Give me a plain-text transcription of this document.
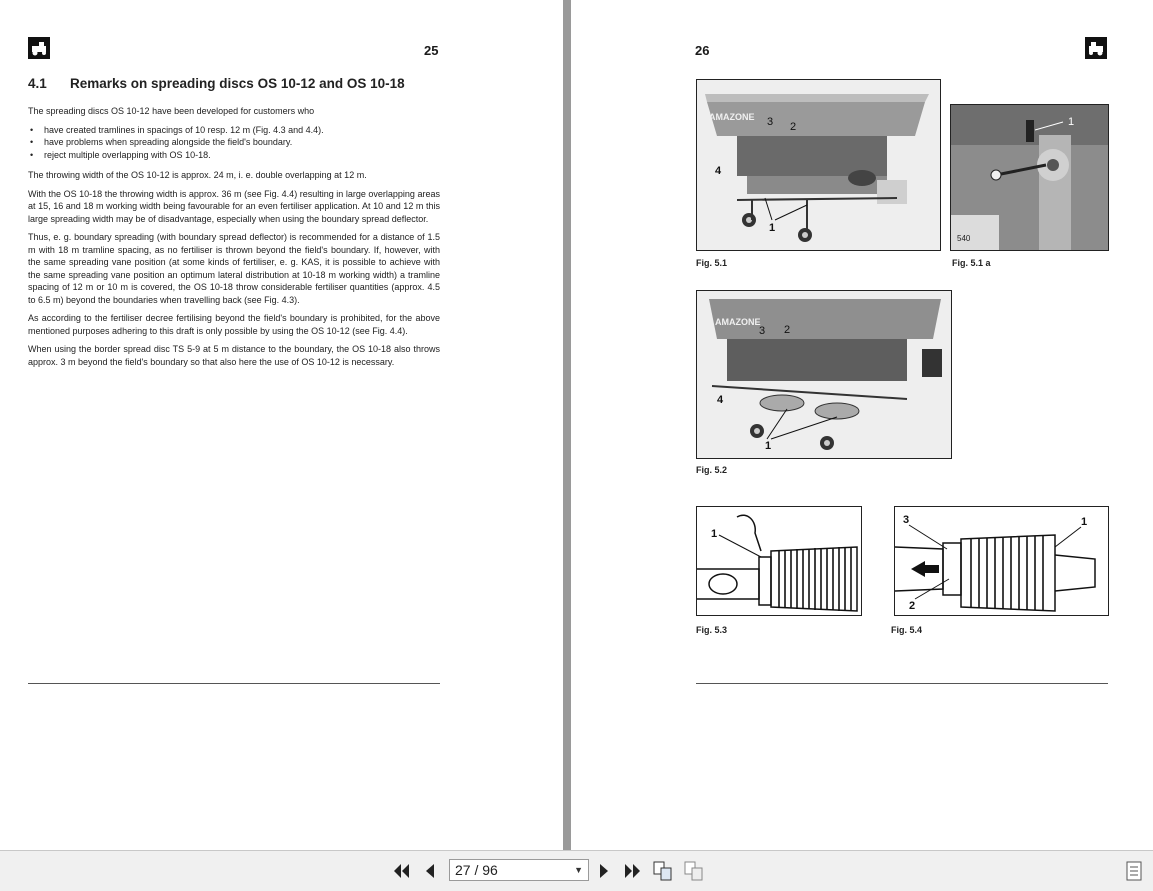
25
4.1 Remarks on spreading discs OS 10-12 and OS 10-18

The spreading discs OS 10-12 have been developed for customers who

• have created tramlines in spacings of 10 resp. 12 m (Fig. 4.3 and 4.4).
• have problems when spreading alongside the field's boundary.
• reject multiple overlapping with OS 10-18.

The throwing width of the OS 10-12 is approx. 24 m, i. e. double overlapping at 12 m.

With the OS 10-18 the throwing width is approx. 36 m (see Fig. 4.4) resulting in large overlapping areas at 15, 16 and 18 m working width being favourable for an even fertiliser application. At 10 and 12 m this large spreading width may be of disadvantage, especially when using the boundary spread deflector.

Thus, e. g. boundary spreading (with boundary spread deflector) is recommended for a distance of 1.5 m with 18 m tramline spacing, as no fertiliser is thrown beyond the field's boundary. If, however, with the same spreading vane position (at some kinds of fertiliser, e. g. KAS, it is possible to achieve with the same spreading vane position an optimum lateral distribution at 10-18 m working width) a tramline spacing of 12 m or 10 m is covered, the OS 10-18 throw considerable fertiliser quantities (approx. 4.5 to 6.5 m) beyond the boundaries when travelling back (see Fig. 4.3).

As according to the fertiliser decree fertilising beyond the field's boundary is prohibited, for the above mentioned purposes adhering to this draft is only possible by using the OS 10-12 (see Fig. 4.4).

When using the border spread disc TS 5-9 at 5 m distance to the boundary, the OS 10-18 also throws approx. 3 m beyond the field's boundary so that also here the use of OS 10-12 is necessary.

26
AMAZONE 3 2
4
1
Fig. 5.1
540
1
Fig. 5.1 a
AMAZONE
3 2
4
1
Fig. 5.2
1
Fig. 5.3
3	1
2
Fig. 5.4
27 / 96	▼
